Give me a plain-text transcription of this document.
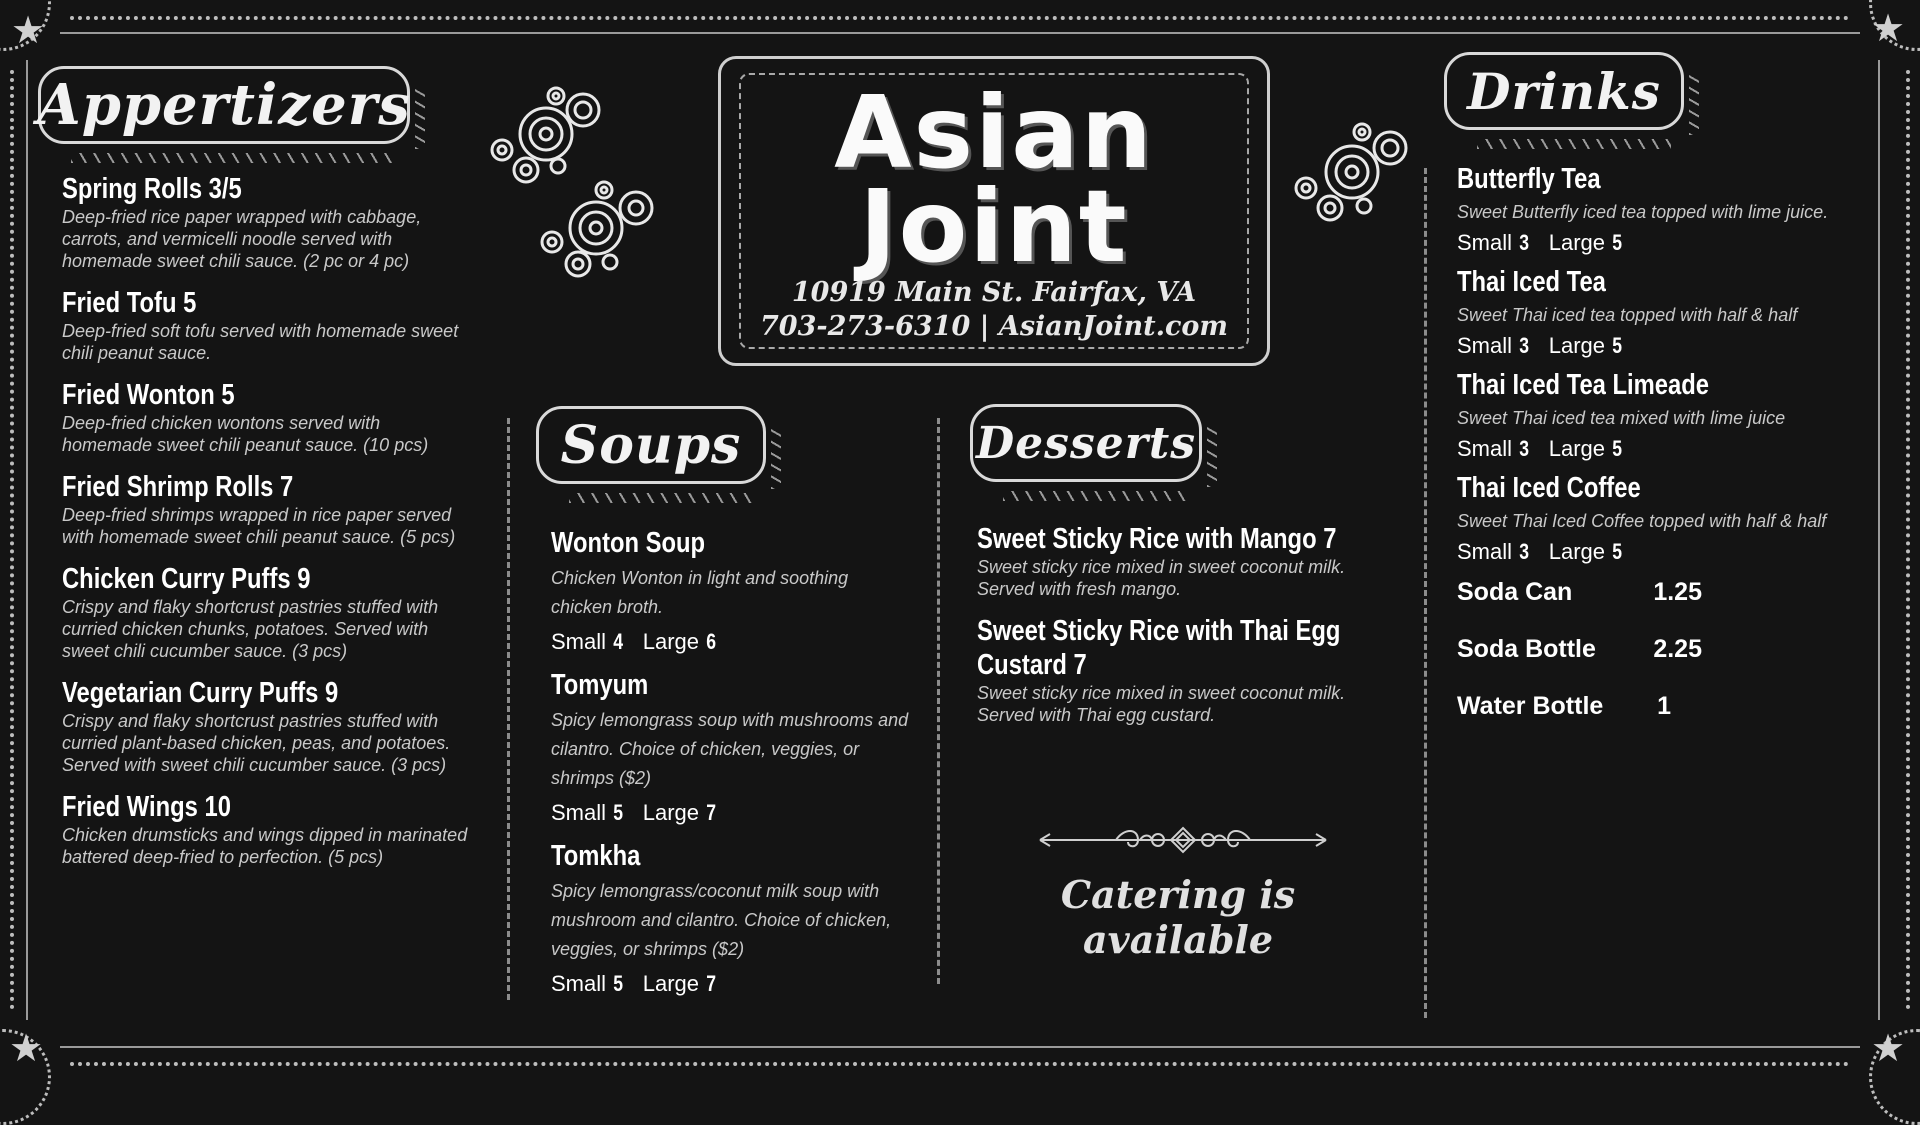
★	★
★	★
Appertizers
Spring Rolls 3/5
Deep-fried rice paper wrapped with cabbage, carrots, and vermicelli noodle served with homemade sweet chili sauce. (2 pc or 4 pc)
Fried Tofu 5
Deep-fried soft tofu served with homemade sweet chili peanut sauce.
Fried Wonton 5
Deep-fried chicken wontons served with homemade sweet chili peanut sauce. (10 pcs)
Fried Shrimp Rolls 7
Deep-fried shrimps wrapped in rice paper served with homemade sweet chili peanut sauce. (5 pcs)
Chicken Curry Puffs 9
Crispy and flaky shortcrust pastries stuffed with curried chicken chunks, potatoes. Served with sweet chili cucumber sauce. (3 pcs)
Vegetarian Curry Puffs 9
Crispy and flaky shortcrust pastries stuffed with curried plant-based chicken, peas, and potatoes. Served with sweet chili cucumber sauce. (3 pcs)
Fried Wings 10
Chicken drumsticks and wings dipped in marinated battered deep-fried to perfection. (5 pcs)
Asian
Joint
10919 Main St. Fairfax, VA
703-273-6310 | AsianJoint.com
Soups
Wonton Soup
Chicken Wonton in light and soothing chicken broth.
Small 4 Large 6
Tomyum
Spicy lemongrass soup with mushrooms and cilantro. Choice of chicken, veggies, or shrimps ($2)
Small 5 Large 7
Tomkha
Spicy lemongrass/coconut milk soup with mushroom and cilantro. Choice of chicken, veggies, or shrimps ($2)
Small 5 Large 7
Desserts
Sweet Sticky Rice with Mango 7
Sweet sticky rice mixed in sweet coconut milk. Served with fresh mango.
Sweet Sticky Rice with Thai Egg
Custard 7
Sweet sticky rice mixed in sweet coconut milk. Served with Thai egg custard.
Catering is available
Drinks
Butterfly Tea
Sweet Butterfly iced tea topped with lime juice.
Small 3 Large 5
Thai Iced Tea
Sweet Thai iced tea topped with half & half
Small 3 Large 5
Thai Iced Tea Limeade
Sweet Thai iced tea mixed with lime juice
Small 3 Large 5
Thai Iced Coffee
Sweet Thai Iced Coffee topped with half & half
Small 3 Large 5
Soda Can	1.25
Soda Bottle 2.25
Water Bottle 1
